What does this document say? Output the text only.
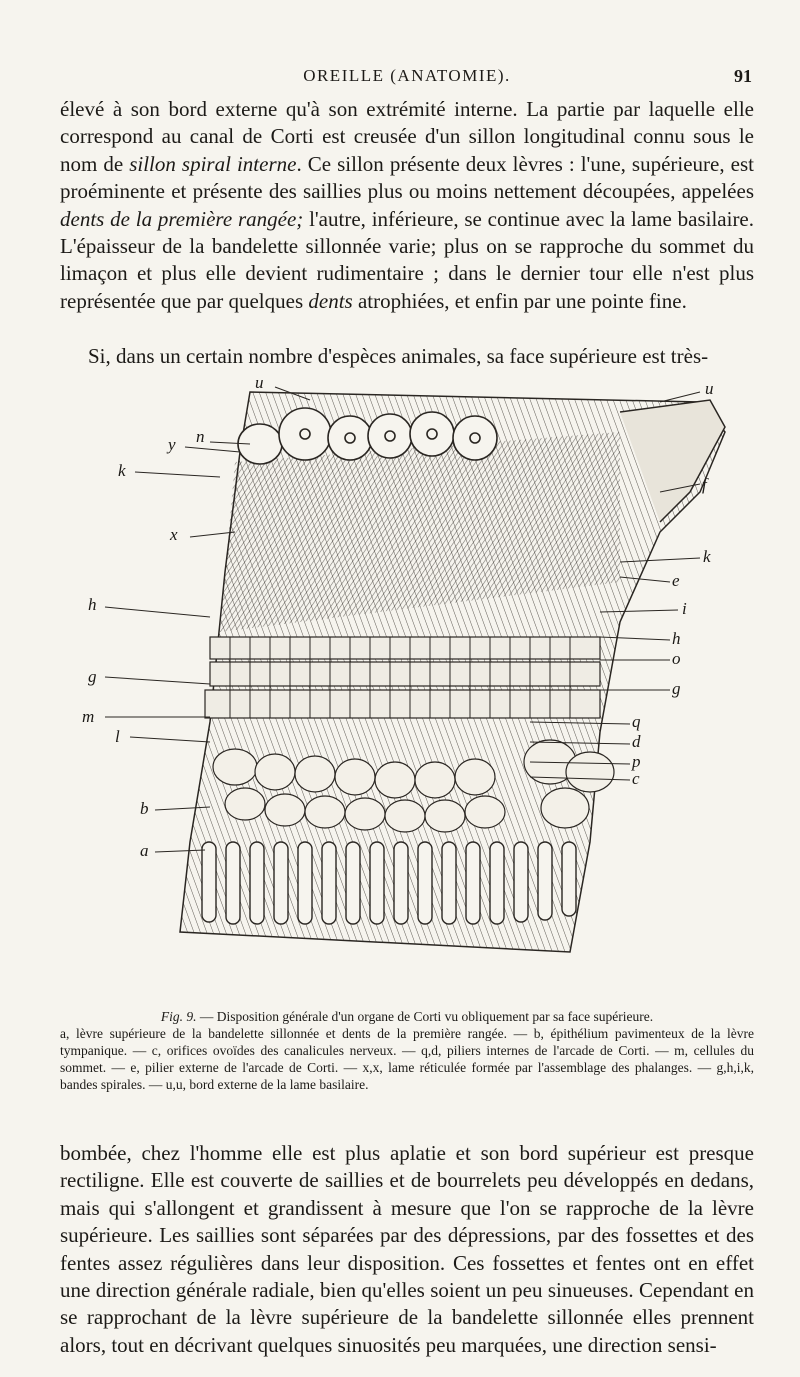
OREILLE (ANATOMIE).	91

élevé à son bord externe qu'à son extrémité interne. La partie par laquelle elle correspond au canal de Corti est creusée d'un sillon longitudinal connu sous le nom de sillon spiral interne. Ce sillon présente deux lèvres : l'une, supérieure, est proéminente et présente des saillies plus ou moins nettement découpées, appelées dents de la première rangée; l'autre, inférieure, se continue avec la lame basilaire. L'épaisseur de la bandelette sillonnée varie; plus on se rapproche du sommet du limaçon et plus elle devient rudimentaire ; dans le dernier tour elle n'est plus représentée que par quelques dents atrophiées, et enfin par une pointe fine.

Si, dans un certain nombre d'espèces animales, sa face supérieure est très-

u	u
y n
k
f
x
k
e
h	i
h
o
g
g
m	q
l	d
p
c
b
a
Fig. 9. — Disposition générale d'un organe de Corti vu obliquement par sa face supérieure.
a, lèvre supérieure de la bandelette sillonnée et dents de la première rangée. — b, épithélium pavimenteux de la lèvre tympanique. — c, orifices ovoïdes des canalicules nerveux. — q,d, piliers internes de l'arcade de Corti. — m, cellules du sommet. — e, pilier externe de l'arcade de Corti. — x,x, lame réticulée formée par l'assemblage des phalanges. — g,h,i,k, bandes spirales. — u,u, bord externe de la lame basilaire.

bombée, chez l'homme elle est plus aplatie et son bord supérieur est presque rectiligne. Elle est couverte de saillies et de bourrelets peu développés en dedans, mais qui s'allongent et grandissent à mesure que l'on se rapproche de la lèvre supérieure. Les saillies sont séparées par des dépressions, par des fossettes et des fentes assez régulières dans leur disposition. Ces fossettes et fentes ont en effet une direction générale radiale, bien qu'elles soient un peu sinueuses. Cependant en se rapprochant de la lèvre supérieure de la bandelette sillonnée elles prennent alors, tout en décrivant quelques sinuosités peu marquées, une direction sensi-
